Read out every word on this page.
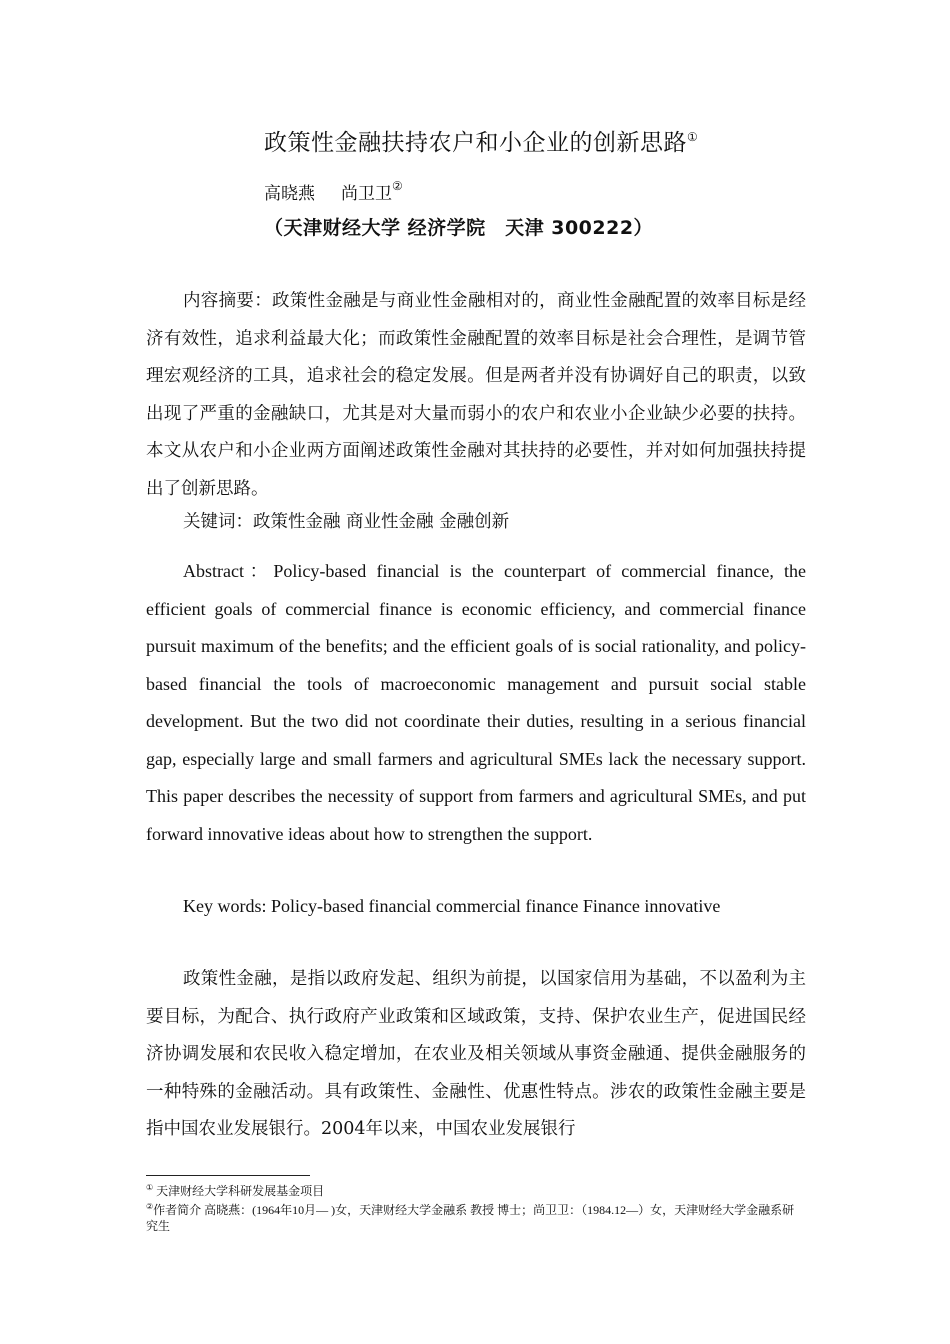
政策性金融扶持农户和小企业的创新思路①
高晓燕 尚卫卫②
（天津财经大学 经济学院　天津 300222）
内容摘要：政策性金融是与商业性金融相对的，商业性金融配置的效率目标是经济有效性，追求利益最大化；而政策性金融配置的效率目标是社会合理性，是调节管理宏观经济的工具，追求社会的稳定发展。但是两者并没有协调好自己的职责，以致出现了严重的金融缺口，尤其是对大量而弱小的农户和农业小企业缺少必要的扶持。本文从农户和小企业两方面阐述政策性金融对其扶持的必要性，并对如何加强扶持提出了创新思路。
关键词：政策性金融 商业性金融 金融创新
Abstract：Policy-based financial is the counterpart of commercial finance, the efficient goals of commercial finance is economic efficiency, and commercial finance pursuit maximum of the benefits; and the efficient goals of is social rationality, and policy-based financial the tools of macroeconomic management and pursuit social stable development. But the two did not coordinate their duties, resulting in a serious financial gap, especially large and small farmers and agricultural SMEs lack the necessary support. This paper describes the necessity of support from farmers and agricultural SMEs, and put forward innovative ideas about how to strengthen the support.
Key words: Policy-based financial commercial finance Finance innovative
政策性金融，是指以政府发起、组织为前提，以国家信用为基础，不以盈利为主要目标，为配合、执行政府产业政策和区域政策，支持、保护农业生产，促进国民经济协调发展和农民收入稳定增加，在农业及相关领域从事资金融通、提供金融服务的一种特殊的金融活动。具有政策性、金融性、优惠性特点。涉农的政策性金融主要是指中国农业发展银行。2004年以来，中国农业发展银行
① 天津财经大学科研发展基金项目
②作者简介 高晓燕：(1964年10月— )女，天津财经大学金融系 教授 博士；尚卫卫：（1984.12—）女，天津财经大学金融系研究生
